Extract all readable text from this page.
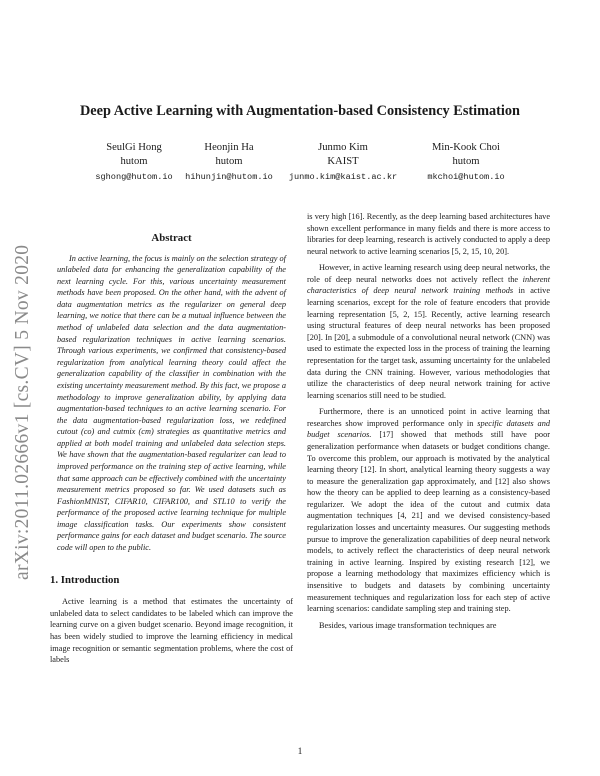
arXiv:2011.02666v1 [cs.CV] 5 Nov 2020
Deep Active Learning with Augmentation-based Consistency Estimation
SeulGi Hong
hutom
sghong@hutom.io
Heonjin Ha
hutom
hihunjin@hutom.io
Junmo Kim
KAIST
junmo.kim@kaist.ac.kr
Min-Kook Choi
hutom
mkchoi@hutom.io
Abstract
In active learning, the focus is mainly on the selection strategy of unlabeled data for enhancing the generalization capability of the next learning cycle. For this, various uncertainty measurement methods have been proposed. On the other hand, with the advent of data augmentation metrics as the regularizer on general deep learning, we notice that there can be a mutual influence between the method of unlabeled data selection and the data augmentation-based regularization techniques in active learning scenarios. Through various experiments, we confirmed that consistency-based regularization from analytical learning theory could affect the generalization capability of the classifier in combination with the existing uncertainty measurement method. By this fact, we propose a methodology to improve generalization ability, by applying data augmentation-based techniques to an active learning scenario. For the data augmentation-based regularization loss, we redefined cutout (co) and cutmix (cm) strategies as quantitative metrics and applied at both model training and unlabeled data selection steps. We have shown that the augmentation-based regularizer can lead to improved performance on the training step of active learning, while that same approach can be effectively combined with the uncertainty measurement metrics proposed so far. We used datasets such as FashionMNIST, CIFAR10, CIFAR100, and STL10 to verify the performance of the proposed active learning technique for multiple image classification tasks. Our experiments show consistent performance gains for each dataset and budget scenario. The source code will open to the public.
1. Introduction

Active learning is a method that estimates the uncertainty of unlabeled data to select candidates to be labeled which can improve the learning curve on a given budget scenario. Beyond image recognition, it has been widely studied to improve the learning efficiency in medical image recognition or semantic segmentation problems, where the cost of labels

is very high [16]. Recently, as the deep learning based architectures have shown excellent performance in many fields and there is more access to libraries for deep learning, research is actively conducted to apply a deep neural network to active learning scenarios [5, 2, 15, 10, 20].

However, in active learning research using deep neural networks, the role of deep neural networks does not actively reflect the inherent characteristics of deep neural network training methods in active learning scenarios, except for the role of feature encoders that provide learning representation [5, 2, 15]. Recently, active learning research using structural features of deep neural networks has been proposed [20]. In [20], a submodule of a convolutional neural network (CNN) was used to estimate the expected loss in the process of training the learning representation for the target task, assuming uncertainty for the unlabeled data during the CNN training. However, various methodologies that utilize the characteristics of deep neural network training for active learning scenarios still need to be studied.

Furthermore, there is an unnoticed point in active learning that researches show improved performance only in specific datasets and budget scenarios. [17] showed that methods still have poor generalization performance when datasets or budget conditions change. To overcome this problem, our approach is motivated by the analytical learning theory [12]. In short, analytical learning theory suggests a way to measure the generalization gap approximately, and [12] also shows how the theory can be applied to deep learning as a consistency-based regularizer. We adopt the idea of the cutout and cutmix data augmentation techniques [4, 21] and we devised consistency-based regularization losses and uncertainty measures. Our suggesting methods pursue to improve the generalization capabilities of deep neural network models, to actively reflect the characteristics of deep neural network training in active learning. Inspired by existing research [12], we propose a learning methodology that maximizes efficiency which is insensitive to budgets and datasets by combining uncertainty measurement techniques and regularization loss for each step of active learning scenarios: candidate sampling step and training step.

Besides, various image transformation techniques are

1
